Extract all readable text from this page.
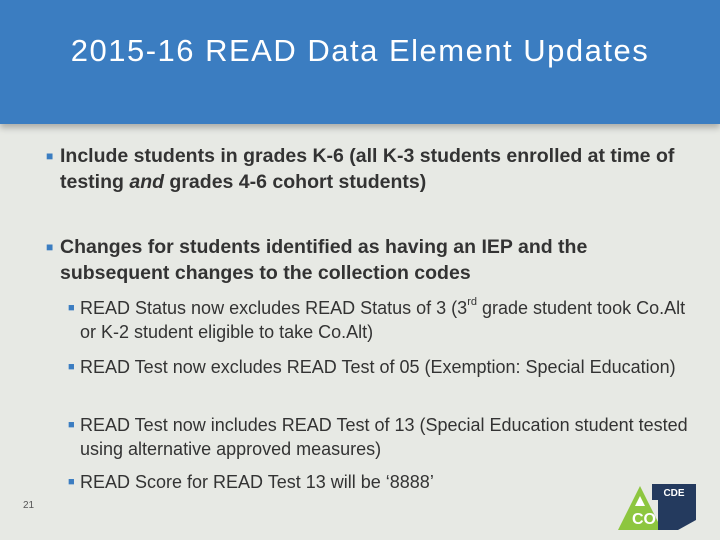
2015-16 READ Data Element Updates
■ Include students in grades K-6 (all K-3 students enrolled at time of testing and grades 4-6 cohort students)
■ Changes for students identified as having an IEP and the subsequent changes to the collection codes
■ READ Status now excludes READ Status of 3 (3rd grade student took Co.Alt or K-2 student eligible to take Co.Alt)
■ READ Test now excludes READ Test of 05 (Exemption: Special Education)
■ READ Test now includes READ Test of 13 (Special Education student tested using alternative approved measures)
■ READ Score for READ Test 13 will be ‘8888’
21
CDE
CO
